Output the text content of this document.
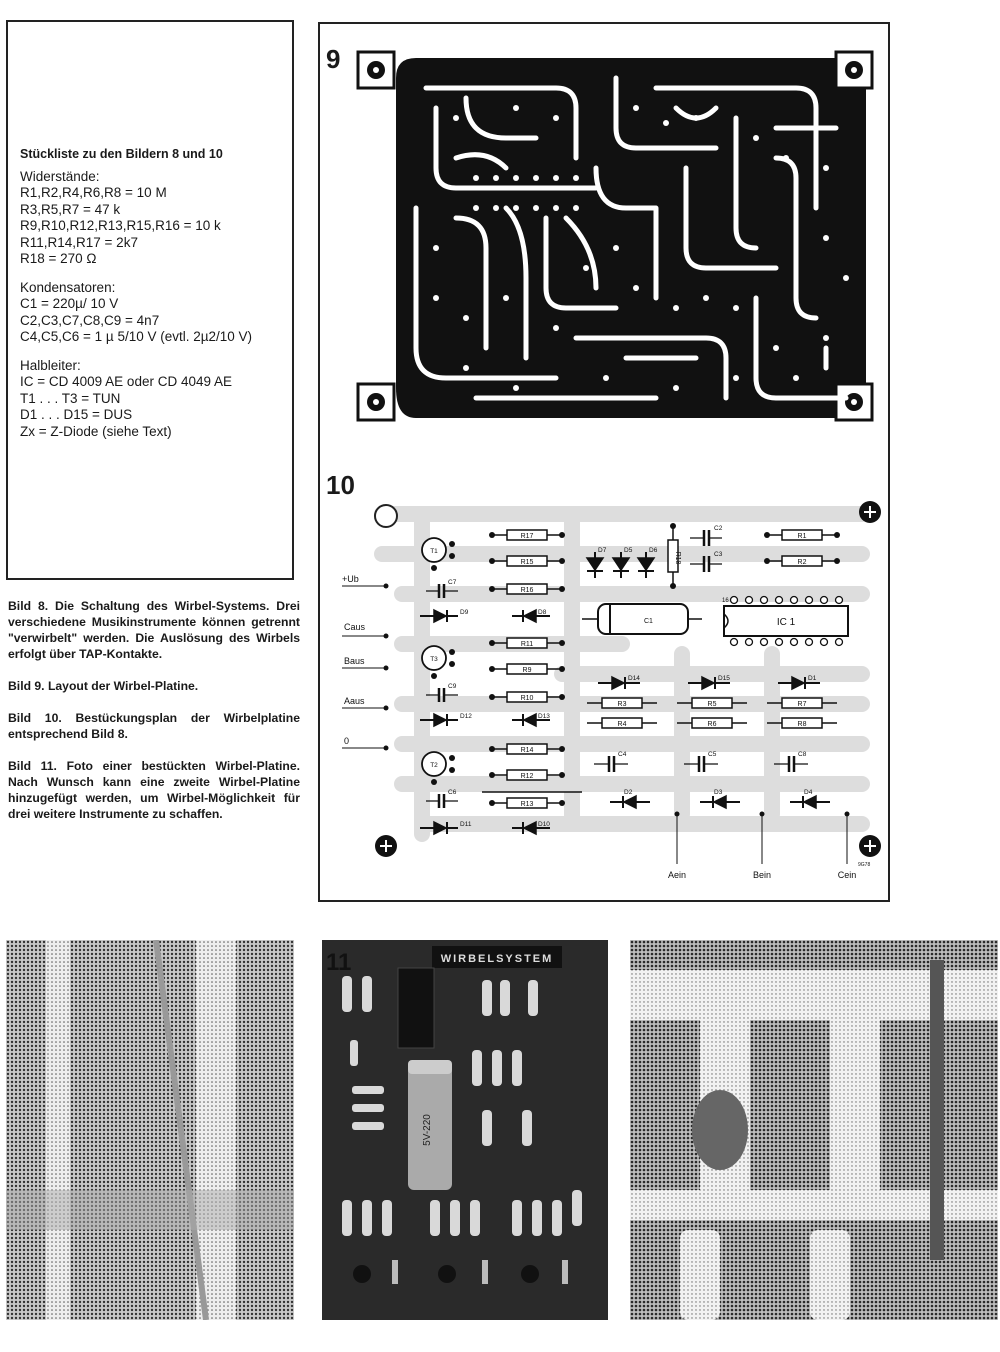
Stückliste zu den Bildern 8 und 10
Widerstände:
R1,R2,R4,R6,R8 = 10 M
R3,R5,R7 = 47 k
R9,R10,R12,R13,R15,R16 = 10 k
R11,R14,R17 = 2k7
R18 = 270 Ω
Kondensatoren:
C1 = 220µ/ 10 V
C2,C3,C7,C8,C9 = 4n7
C4,C5,C6 = 1 µ 5/10 V (evtl. 2µ2/10 V)
Halbleiter:
IC = CD 4009 AE oder CD 4049 AE
T1 . . . T3 = TUN
D1 . . . D15 = DUS
Zx = Z-Diode (siehe Text)

Bild 8. Die Schaltung des Wirbel-Systems. Drei verschiedene Musikinstrumente können getrennt "verwirbelt" werden. Die Auslösung des Wirbels erfolgt über TAP-Kontakte.

Bild 9. Layout der Wirbel-Platine.

Bild 10. Bestückungsplan der Wirbelplatine entsprechend Bild 8.

Bild 11. Foto einer bestückten Wirbel-Platine. Nach Wunsch kann eine zweite Wirbel-Platine hinzugefügt werden, um Wirbel-Möglichkeit für drei weitere Instrumente zu schaffen.

9
10
R17
R15
R16
R11
R9
R10
R14
R12
R13
R1
R2
R3
R4
R5
R6
R7
R8
R18
D7	D5	D6
D9	D8
D12	D13
D11	D10
D14	D15	D1
D2	D3	D4
C2
C3
C7
C9
C6
C4	C5	C8
C1	IC 1
16
T1
T3
T2
+Ub
Caus
Baus
Aaus
0
Aein	Bein	Cein
9G78
WIRBELSYSTEM
11
5V-220
